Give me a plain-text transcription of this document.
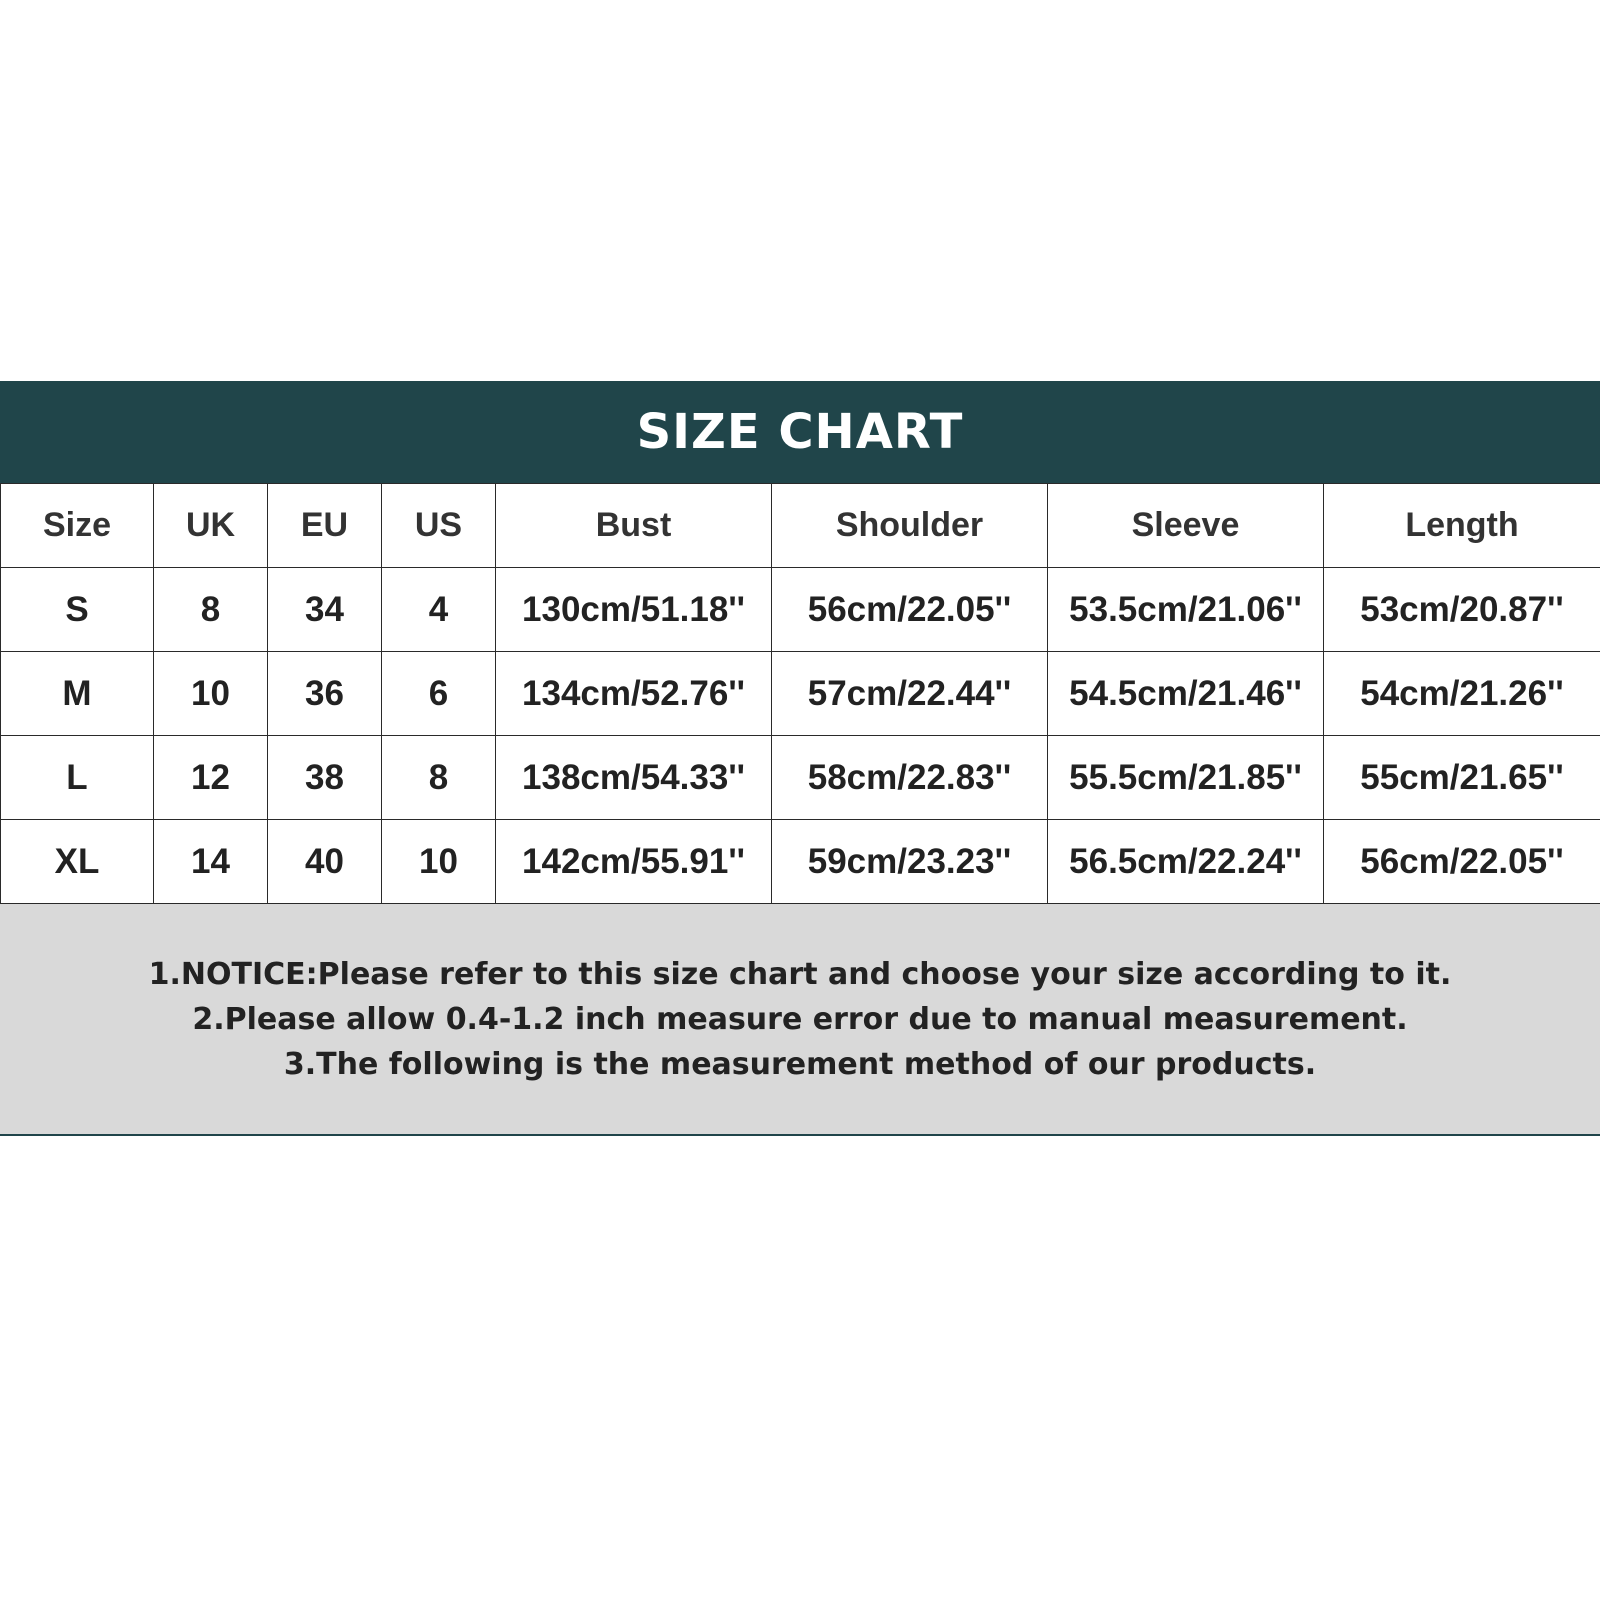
SIZE CHART
Size	UK	EU	US	Bust	Shoulder	Sleeve	Length
S	8	34	4	130cm/51.18''	56cm/22.05''	53.5cm/21.06''	53cm/20.87''
M	10	36	6	134cm/52.76''	57cm/22.44''	54.5cm/21.46''	54cm/21.26''
L	12	38	8	138cm/54.33''	58cm/22.83''	55.5cm/21.85''	55cm/21.65''
XL	14	40	10	142cm/55.91''	59cm/23.23''	56.5cm/22.24''	56cm/22.05''
1.NOTICE:Please refer to this size chart and choose your size according to it.
2.Please allow 0.4-1.2 inch measure error due to manual measurement.
3.The following is the measurement method of our products.
